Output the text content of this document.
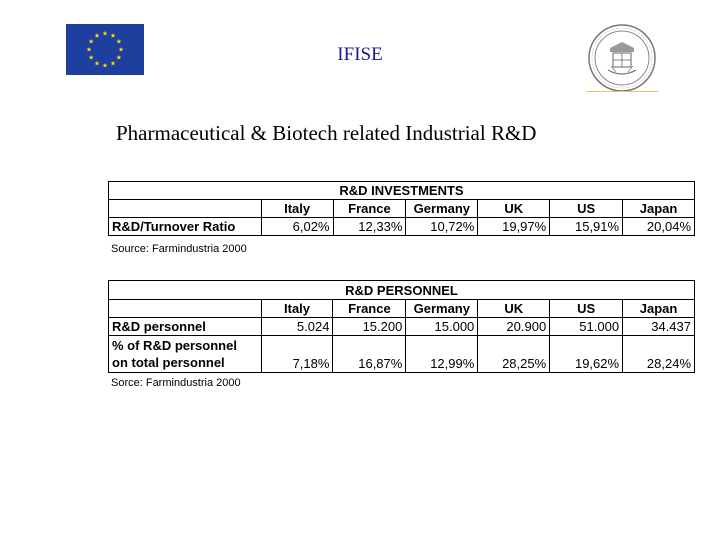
IFISE
Pharmaceutical & Biotech related Industrial R&D
R&D INVESTMENTS						
	Italy	France	Germany	UK	US	Japan
R&D/Turnover Ratio	6,02%	12,33%	10,72%	19,97%	15,91%	20,04%
Source: Farmindustria 2000

R&D PERSONNEL						
	Italy	France	Germany	UK	US	Japan
R&D personnel	5.024	15.200	15.000	20.900	51.000	34.437

% of R&D personnel
on total personnel	7,18%	16,87%	12,99%	28,25%	19,62%	28,24%
Sorce: Farmindustria 2000
